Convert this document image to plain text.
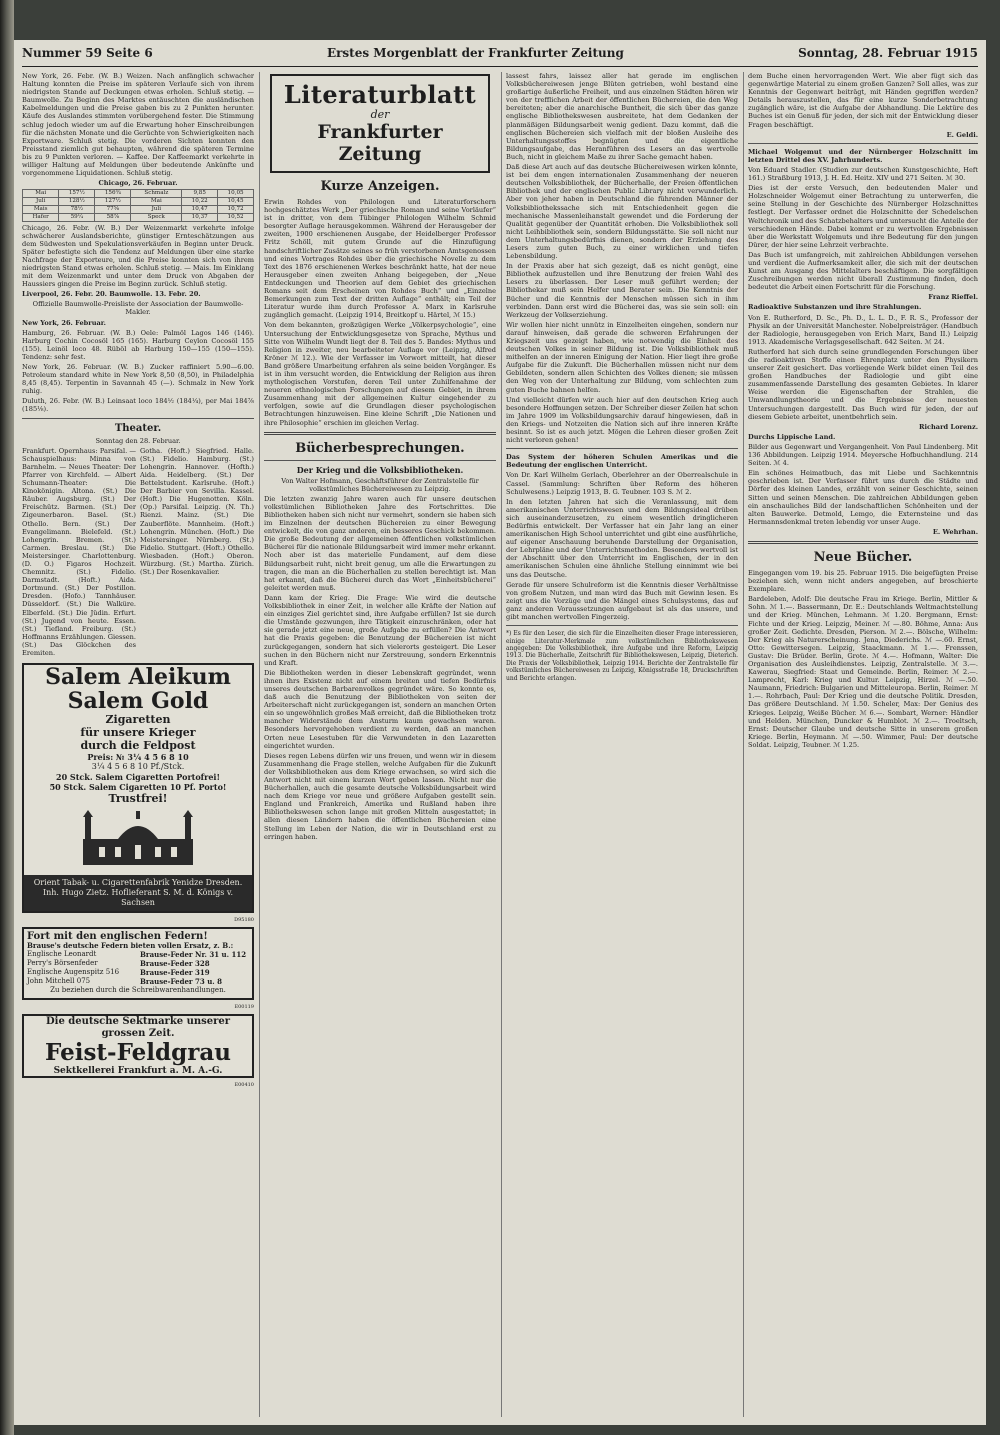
Nummer 59 Seite 6	Erstes Morgenblatt der Frankfurter Zeitung	Sonntag, 28. Februar 1915

New York, 26. Febr. (W. B.) Weizen. Nach anfänglich schwacher Haltung konnten die Preise im späteren Verlaufe sich von ihrem niedrigsten Stande auf Deckungen etwas erholen. Schluß stetig. — Baumwolle. Zu Beginn des Marktes entäuschten die ausländischen Kabelmeldungen und die Preise gaben bis zu 2 Punkten herunter. Käufe des Auslandes stimmten vorübergehend fester. Die Stimmung schlug jedoch wieder um auf die Erwartung hoher Einschreibungen für die nächsten Monate und die Gerüchte von Schwierigkeiten nach Exportware. Schluß stetig. Die vorderen Sichten konnten den Preisstand ziemlich gut behaupten, während die späteren Termine bis zu 9 Punkten verloren. — Kaffee. Der Kaffeemarkt verkehrte in williger Haltung auf Meldungen über bedeutende Ankünfte und vorgenommene Liquidationen. Schluß stetig.

Chicago, 26. Februar.

Mai	157½	156¾	Schmalz	9,85	10,05
Juli	128½	127½	Mai	10,22	10,45
Mais	78½	77⅝	Juli	10,47	10,72
Hafer	59¼	58⅞	Speck	10,37	10,52

Chicago, 26. Febr. (W. B.) Der Weizenmarkt verkehrte infolge schwächerer Auslandsberichte, günstiger Ernteschätzungen aus dem Südwesten und Spekulationsverkäufen in Beginn unter Druck. Später befestigte sich die Tendenz auf Meldungen über eine starke Nachfrage der Exporteure, und die Preise konnten sich von ihrem niedrigsten Stand etwas erholen. Schluß stetig. — Mais. Im Einklang mit dem Weizenmarkt und unter dem Druck von Abgaben der Haussiers gingen die Preise im Beginn zurück. Schluß stetig.

Liverpool, 26. Febr. 20. Baumwolle. 13. Febr. 20.

Offizielle Baumwolle-Preisliste der Association der Baumwolle-Makler.

New York, 26. Februar.

Hamburg, 26. Februar. (W. B.) Oele: Palmöl Lagos 146 (146). Harburg Cochin Cocosöl 165 (165). Harburg Ceylon Cocosöl 155 (155). Leinöl loco 48. Rüböl ab Harburg 150—155 (150—155). Tendenz: sehr fest.

New York, 26. Februar. (W. B.) Zucker raffiniert 5.90—6.00. Petroleum standard white in New York 8,50 (8,50), in Philadelphia 8,45 (8,45). Terpentin in Savannah 45 (—). Schmalz in New York ruhig.

Duluth, 26. Febr. (W. B.) Leinsaat loco 184½ (184¼), per Mai 184⅞ (185⅛).

Theater.

Sonntag den 28. Februar.

Frankfurt. Opernhaus: Parsifal. — Schauspielhaus: Minna von Barnhelm. — Neues Theater: Der Pfarrer von Kirchfeld. — Albert Schumann-Theater: Die Kinokönigin. Altona. (St.) Die Räuber. Augsburg. (St.) Der Freischütz. Barmen. (St.) Der Zigeunerbaron. Basel. (St.) Othello. Bern. (St.) Der Evangelimann. Bielefeld. (St.) Lohengrin. Bremen. (St.) Carmen. Breslau. (St.) Die Meistersinger. Charlottenburg. (D. O.) Figaros Hochzeit. Chemnitz. (St.) Fidelio. Darmstadt. (Hoft.) Aida. Dortmund. (St.) Der Postillon. Dresden. (Hofo.) Tannhäuser. Düsseldorf. (St.) Die Walküre. Elberfeld. (St.) Die Jüdin. Erfurt. (St.) Jugend von heute. Essen. (St.) Tiefland. Freiburg. (St.) Hoffmanns Erzählungen. Giessen. (St.) Das Glöckchen des Eremiten.

Gotha. (Hoft.) Siegfried. Halle. (St.) Fidelio. Hamburg. (St.) Lohengrin. Hannover. (Hofth.) Aida. Heidelberg. (St.) Der Bettelstudent. Karlsruhe. (Hoft.) Der Barbier von Sevilla. Kassel. (Hoft.) Die Hugenotten. Köln. (Op.) Parsifal. Leipzig. (N. Th.) Rienzi. Mainz. (St.) Die Zauberflöte. Mannheim. (Hoft.) Lohengrin. München. (Hoft.) Die Meistersinger. Nürnberg. (St.) Fidelio. Stuttgart. (Hoft.) Othello. Wiesbaden. (Hoft.) Oberon. Würzburg. (St.) Martha. Zürich. (St.) Der Rosenkavalier.

Salem Aleikum
Salem Gold
Zigaretten
für unsere Krieger
durch die Feldpost
Preis: № 3¼ 4 5 6 8 10
3¼ 4 5 6 8 10 Pf./Stck.
20 Stck. Salem Cigaretten Portofrei!
50 Stck. Salem Cigaretten 10 Pf. Porto!
Trustfrei!
Orient Tabak- u. Cigarettenfabrik Yenidze Dresden. Inh. Hugo Zietz. Hoflieferant S. M. d. Königs v. Sachsen
D95180
Fort mit den englischen Federn!
Brause's deutsche Federn bieten vollen Ersatz, z. B.:
Englische Leonardt	Brause-Feder Nr. 31 u. 112
Perry's Börsenfeder	Brause-Feder 328
Englische Augenspitz 516	Brause-Feder 319
John Mitchell 075	Brause-Feder 73 u. 8
Zu beziehen durch die Schreibwarenhandlungen.
E00119
Die deutsche Sektmarke unserer grossen Zeit.
Feist-Feldgrau
Sektkellerei Frankfurt a. M. A.-G.
E00410
Literaturblatt
der
Frankfurter Zeitung
Kurze Anzeigen.

Erwin Rohdes von Philologen und Literaturforschern hochgeschätztes Werk „Der griechische Roman und seine Vorläufer“ ist in dritter, von dem Tübinger Philologen Wilhelm Schmid besorgter Auflage herausgekommen. Während der Herausgeber der zweiten, 1900 erschienenen Ausgabe, der Heidelberger Professor Fritz Schöll, mit gutem Grunde auf die Hinzufügung handschriftlicher Zusätze seines so früh verstorbenen Amtsgenossen und eines Vortrages Rohdes über die griechische Novelle zu dem Text des 1876 erschienenen Werkes beschränkt hatte, hat der neue Herausgeber einen zweiten Anhang beigegeben, der „Neue Entdeckungen und Theorien auf dem Gebiet des griechischen Romans seit dem Erscheinen von Rohdes Buch“ und „Einzelne Bemerkungen zum Text der dritten Auflage“ enthält; ein Teil der Literatur wurde ihm durch Professor A. Marx in Karlsruhe zugänglich gemacht. (Leipzig 1914, Breitkopf u. Härtel, ℳ 15.)

Von dem bekannten, großzügigen Werke „Völkerpsychologie“, eine Untersuchung der Entwicklungsgesetze von Sprache, Mythus und Sitte von Wilhelm Wundt liegt der 8. Teil des 5. Bandes: Mythus und Religion in zweiter, neu bearbeiteter Auflage vor (Leipzig, Alfred Kröner ℳ 12.). Wie der Verfasser im Vorwort mitteilt, hat dieser Band größere Umarbeitung erfahren als seine beiden Vorgänger. Es ist in ihm versucht worden, die Entwicklung der Religion aus ihren mythologischen Vorstufen, deren Teil unter Zuhilfenahme der neueren ethnologischen Forschungen auf diesem Gebiet, in ihrem Zusammenhang mit der allgemeinen Kultur eingehender zu verfolgen, sowie auf die Grundlagen dieser psychologischen Betrachtungen hinzuweisen. Eine kleine Schrift „Die Nationen und ihre Philosophie“ erschien im gleichen Verlag.

Bücherbesprechungen.
Der Krieg und die Volksbibliotheken.

Von Walter Hofmann, Geschäftsführer der Zentralstelle für volkstümliches Büchereiwesen zu Leipzig.

Die letzten zwanzig Jahre waren auch für unsere deutschen volkstümlichen Bibliotheken Jahre des Fortschrittes. Die Bibliotheken haben sich nicht nur vermehrt, sondern sie haben sich im Einzelnen der deutschen Büchereien zu einer Bewegung entwickelt, die von ganz anderen, ein besseres Geschick bekommen. Die große Bedeutung der allgemeinen öffentlichen volkstümlichen Bücherei für die nationale Bildungsarbeit wird immer mehr erkannt. Noch aber ist das materielle Fundament, auf dem diese Bildungsarbeit ruht, nicht breit genug, um alle die Erwartungen zu tragen, die man an die Bücherhallen zu stellen berechtigt ist. Man hat erkannt, daß die Bücherei durch das Wort „Einheitsbücherei“ geleitet werden muß.

Dann kam der Krieg. Die Frage: Wie wird die deutsche Volksbibliothek in einer Zeit, in welcher alle Kräfte der Nation auf ein einziges Ziel gerichtet sind, ihre Aufgabe erfüllen? Ist sie durch die Umstände gezwungen, ihre Tätigkeit einzuschränken, oder hat sie gerade jetzt eine neue, große Aufgabe zu erfüllen? Die Antwort hat die Praxis gegeben: die Benutzung der Büchereien ist nicht zurückgegangen, sondern hat sich vielerorts gesteigert. Die Leser suchen in den Büchern nicht nur Zerstreuung, sondern Erkenntnis und Kraft.

Die Bibliotheken werden in dieser Lebenskraft gegründet, wenn ihnen ihrs Existenz nicht auf einem breiten und tiefen Bedürfnis unseres deutschen Barbarenvolkes gegründet wäre. So konnte es, daß auch die Benutzung der Bibliotheken von seiten der Arbeiterschaft nicht zurückgegangen ist, sondern an manchen Orten ein so ungewöhnlich großes Maß erreicht, daß die Bibliotheken trotz mancher Widerstände dem Ansturm kaum gewachsen waren. Besonders hervorgehoben verdient zu werden, daß an manchen Orten neue Lesestuben für die Verwundeten in den Lazaretten eingerichtet wurden.

Dieses regen Lebens dürfen wir uns freuen, und wenn wir in diesem Zusammenhang die Frage stellen, welche Aufgaben für die Zukunft der Volksbibliotheken aus dem Kriege erwachsen, so wird sich die Antwort nicht mit einem kurzen Wort geben lassen. Nicht nur die Bücherhallen, auch die gesamte deutsche Volksbildungsarbeit wird nach dem Kriege vor neue und größere Aufgaben gestellt sein. England und Frankreich, Amerika und Rußland haben ihre Bibliothekswesen schon lange mit großen Mitteln ausgestattet; in allen diesen Ländern haben die öffentlichen Büchereien eine Stellung im Leben der Nation, die wir in Deutschland erst zu erringen haben.

lassest fahrs, laissez aller hat gerade im englischen Volksbüchereiwesen jenge Blüten getrieben, wohl bestand eine großartige äußerliche Freiheit, und aus einzelnen Städten hören wir von der trefflichen Arbeit der öffentlichen Büchereien, die den Weg bereiteten; aber die anarchische Buntheit, die sich über das ganze englische Bibliothekswesen ausbreitete, hat dem Gedanken der planmäßigen Bildungsarbeit wenig gedient. Dazu kommt, daß die englischen Büchereien sich vielfach mit der bloßen Ausleihe des Unterhaltungsstoffes begnügten und die eigentliche Bildungsaufgabe, das Heranführen des Lesers an das wertvolle Buch, nicht in gleichem Maße zu ihrer Sache gemacht haben.

Daß diese Art auch auf das deutsche Büchereiwesen wirken könnte, ist bei dem engen internationalen Zusammenhang der neueren deutschen Volksbibliothek, der Bücherhalle, der Freien öffentlichen Bibliothek und der englischen Public Library nicht verwunderlich. Aber von jeher haben in Deutschland die führenden Männer der Volksbibliothekssache sich mit Entschiedenheit gegen die mechanische Massenleihanstalt gewendet und die Forderung der Qualität gegenüber der Quantität erhoben. Die Volksbibliothek soll nicht Leihbibliothek sein, sondern Bildungsstätte. Sie soll nicht nur dem Unterhaltungsbedürfnis dienen, sondern der Erziehung des Lesers zum guten Buch, zu einer wirklichen und tiefen Lebensbildung.

In der Praxis aber hat sich gezeigt, daß es nicht genügt, eine Bibliothek aufzustellen und ihre Benutzung der freien Wahl des Lesers zu überlassen. Der Leser muß geführt werden; der Bibliothekar muß sein Helfer und Berater sein. Die Kenntnis der Bücher und die Kenntnis der Menschen müssen sich in ihm verbinden. Dann erst wird die Bücherei das, was sie sein soll: ein Werkzeug der Volkserziehung.

Wir wollen hier nicht unnütz in Einzelheiten eingehen, sondern nur darauf hinweisen, daß gerade die schweren Erfahrungen der Kriegszeit uns gezeigt haben, wie notwendig die Einheit des deutschen Volkes in seiner Bildung ist. Die Volksbibliothek muß mithelfen an der inneren Einigung der Nation. Hier liegt ihre große Aufgabe für die Zukunft. Die Bücherhallen müssen nicht nur dem Gebildeten, sondern allen Schichten des Volkes dienen; sie müssen den Weg von der Unterhaltung zur Bildung, vom schlechten zum guten Buche bahnen helfen.

Und vielleicht dürfen wir auch hier auf den deutschen Krieg auch besondere Hoffnungen setzen. Der Schreiber dieser Zeilen hat schon im Jahre 1909 im Volksbildungsarchiv darauf hingewiesen, daß in den Kriegs- und Notzeiten die Nation sich auf ihre inneren Kräfte besinnt. So ist es auch jetzt. Mögen die Lehren dieser großen Zeit nicht verloren gehen!

Das System der höheren Schulen Amerikas und die Bedeutung der englischen Unterricht.

Von Dr. Karl Wilhelm Gerlach, Oberlehrer an der Oberrealschule in Cassel. (Sammlung: Schriften über Reform des höheren Schulwesens.) Leipzig 1913, B. G. Teubner. 103 S. ℳ 2.

In den letzten Jahren hat sich die Veranlassung, mit dem amerikanischen Unterrichtswesen und dem Bildungsideal drüben sich auseinanderzusetzen, zu einem wesentlich dringlicheren Bedürfnis entwickelt. Der Verfasser hat ein Jahr lang an einer amerikanischen High School unterrichtet und gibt eine ausführliche, auf eigener Anschauung beruhende Darstellung der Organisation, der Lehrpläne und der Unterrichtsmethoden. Besonders wertvoll ist der Abschnitt über den Unterricht im Englischen, der in den amerikanischen Schulen eine ähnliche Stellung einnimmt wie bei uns das Deutsche.

Gerade für unsere Schulreform ist die Kenntnis dieser Verhältnisse von großem Nutzen, und man wird das Buch mit Gewinn lesen. Es zeigt uns die Vorzüge und die Mängel eines Schulsystems, das auf ganz anderen Voraussetzungen aufgebaut ist als das unsere, und gibt manchen wertvollen Fingerzeig.

*) Es für den Leser, die sich für die Einzelheiten dieser Frage interessieren, einige Literatur-Merkmale zum volkstümlichen Bibliothekswesen angegeben: Die Volksbibliothek, ihre Aufgabe und ihre Reform, Leipzig 1913. Die Bücherhalle, Zeitschrift für Bibliothekswesen, Leipzig, Dieterich. Die Praxis der Volksbibliothek, Leipzig 1914. Berichte der Zentralstelle für volkstümliches Büchereiwesen zu Leipzig, Königsstraße 18, Druckschriften und Berichte erlangen.

dem Buche einen hervorragenden Wert. Wie aber fügt sich das gegenwärtige Material zu einem großen Ganzen? Soll alles, was zur Kenntnis der Gegenwart beiträgt, mit Händen gegriffen werden? Details herauszustellen, das für eine kurze Sonderbetrachtung zugänglich wäre, ist die Aufgabe der Abhandlung. Die Lektüre des Buches ist ein Genuß für jeden, der sich mit der Entwicklung dieser Fragen beschäftigt.

E. Geldi.

Michael Wolgemut und der Nürnberger Holzschnitt im letzten Drittel des XV. Jahrhunderts.

Von Eduard Stadler. (Studien zur deutschen Kunstgeschichte, Heft 161.) Straßburg 1913, J. H. Ed. Heitz. XIV und 271 Seiten. ℳ 30.

Dies ist der erste Versuch, den bedeutenden Maler und Holzschneider Wolgemut einer Betrachtung zu unterwerfen, die seine Stellung in der Geschichte des Nürnberger Holzschnittes festlegt. Der Verfasser ordnet die Holzschnitte der Schedelschen Weltchronik und des Schatzbehalters und untersucht die Anteile der verschiedenen Hände. Dabei kommt er zu wertvollen Ergebnissen über die Werkstatt Wolgemuts und ihre Bedeutung für den jungen Dürer, der hier seine Lehrzeit verbrachte.

Das Buch ist umfangreich, mit zahlreichen Abbildungen versehen und verdient die Aufmerksamkeit aller, die sich mit der deutschen Kunst am Ausgang des Mittelalters beschäftigen. Die sorgfältigen Zuschreibungen werden nicht überall Zustimmung finden, doch bedeutet die Arbeit einen Fortschritt für die Forschung.

Franz Rieffel.

Radioaktive Substanzen und ihre Strahlungen.

Von E. Rutherford, D. Sc., Ph. D., L. L. D., F. R. S., Professor der Physik an der Universität Manchester. Nobelpreisträger. (Handbuch der Radiologie, herausgegeben von Erich Marx, Band II.) Leipzig 1913. Akademische Verlagsgesellschaft. 642 Seiten. ℳ 24.

Rutherford hat sich durch seine grundlegenden Forschungen über die radioaktiven Stoffe einen Ehrenplatz unter den Physikern unserer Zeit gesichert. Das vorliegende Werk bildet einen Teil des großen Handbuches der Radiologie und gibt eine zusammenfassende Darstellung des gesamten Gebietes. In klarer Weise werden die Eigenschaften der Strahlen, die Umwandlungstheorie und die Ergebnisse der neuesten Untersuchungen dargestellt. Das Buch wird für jeden, der auf diesem Gebiete arbeitet, unentbehrlich sein.

Richard Lorenz.

Durchs Lippische Land.

Bilder aus Gegenwart und Vergangenheit. Von Paul Lindenberg. Mit 136 Abbildungen. Leipzig 1914. Meyersche Hofbuchhandlung. 214 Seiten. ℳ 4.

Ein schönes Heimatbuch, das mit Liebe und Sachkenntnis geschrieben ist. Der Verfasser führt uns durch die Städte und Dörfer des kleinen Landes, erzählt von seiner Geschichte, seinen Sitten und seinen Menschen. Die zahlreichen Abbildungen geben ein anschauliches Bild der landschaftlichen Schönheiten und der alten Bauwerke. Detmold, Lemgo, die Externsteine und das Hermannsdenkmal treten lebendig vor unser Auge.

E. Wehrhan.

Neue Bücher.

Eingegangen vom 19. bis 25. Februar 1915. Die beigefügten Preise beziehen sich, wenn nicht anders angegeben, auf broschierte Exemplare.

Bardeleben, Adolf: Die deutsche Frau im Kriege. Berlin, Mittler & Sohn. ℳ 1.—. Bassermann, Dr. E.: Deutschlands Weltmachtstellung und der Krieg. München, Lehmann. ℳ 1.20. Bergmann, Ernst: Fichte und der Krieg. Leipzig, Meiner. ℳ —.80. Böhme, Anna: Aus großer Zeit. Gedichte. Dresden, Pierson. ℳ 2.—. Bölsche, Wilhelm: Der Krieg als Naturerscheinung. Jena, Diederichs. ℳ —.60. Ernst, Otto: Gewittersegen. Leipzig, Staackmann. ℳ 1.—. Frenssen, Gustav: Die Brüder. Berlin, Grote. ℳ 4.—. Hofmann, Walter: Die Organisation des Ausleihdienstes. Leipzig, Zentralstelle. ℳ 3.—. Kawerau, Siegfried: Staat und Gemeinde. Berlin, Reimer. ℳ 2.—. Lamprecht, Karl: Krieg und Kultur. Leipzig, Hirzel. ℳ —.50. Naumann, Friedrich: Bulgarien und Mitteleuropa. Berlin, Reimer. ℳ 1.—. Rohrbach, Paul: Der Krieg und die deutsche Politik. Dresden, Das größere Deutschland. ℳ 1.50. Scheler, Max: Der Genius des Krieges. Leipzig, Weiße Bücher. ℳ 6.—. Sombart, Werner: Händler und Helden. München, Duncker & Humblot. ℳ 2.—. Troeltsch, Ernst: Deutscher Glaube und deutsche Sitte in unserem großen Kriege. Berlin, Heymann. ℳ —.50. Wimmer, Paul: Der deutsche Soldat. Leipzig, Teubner. ℳ 1.25.
